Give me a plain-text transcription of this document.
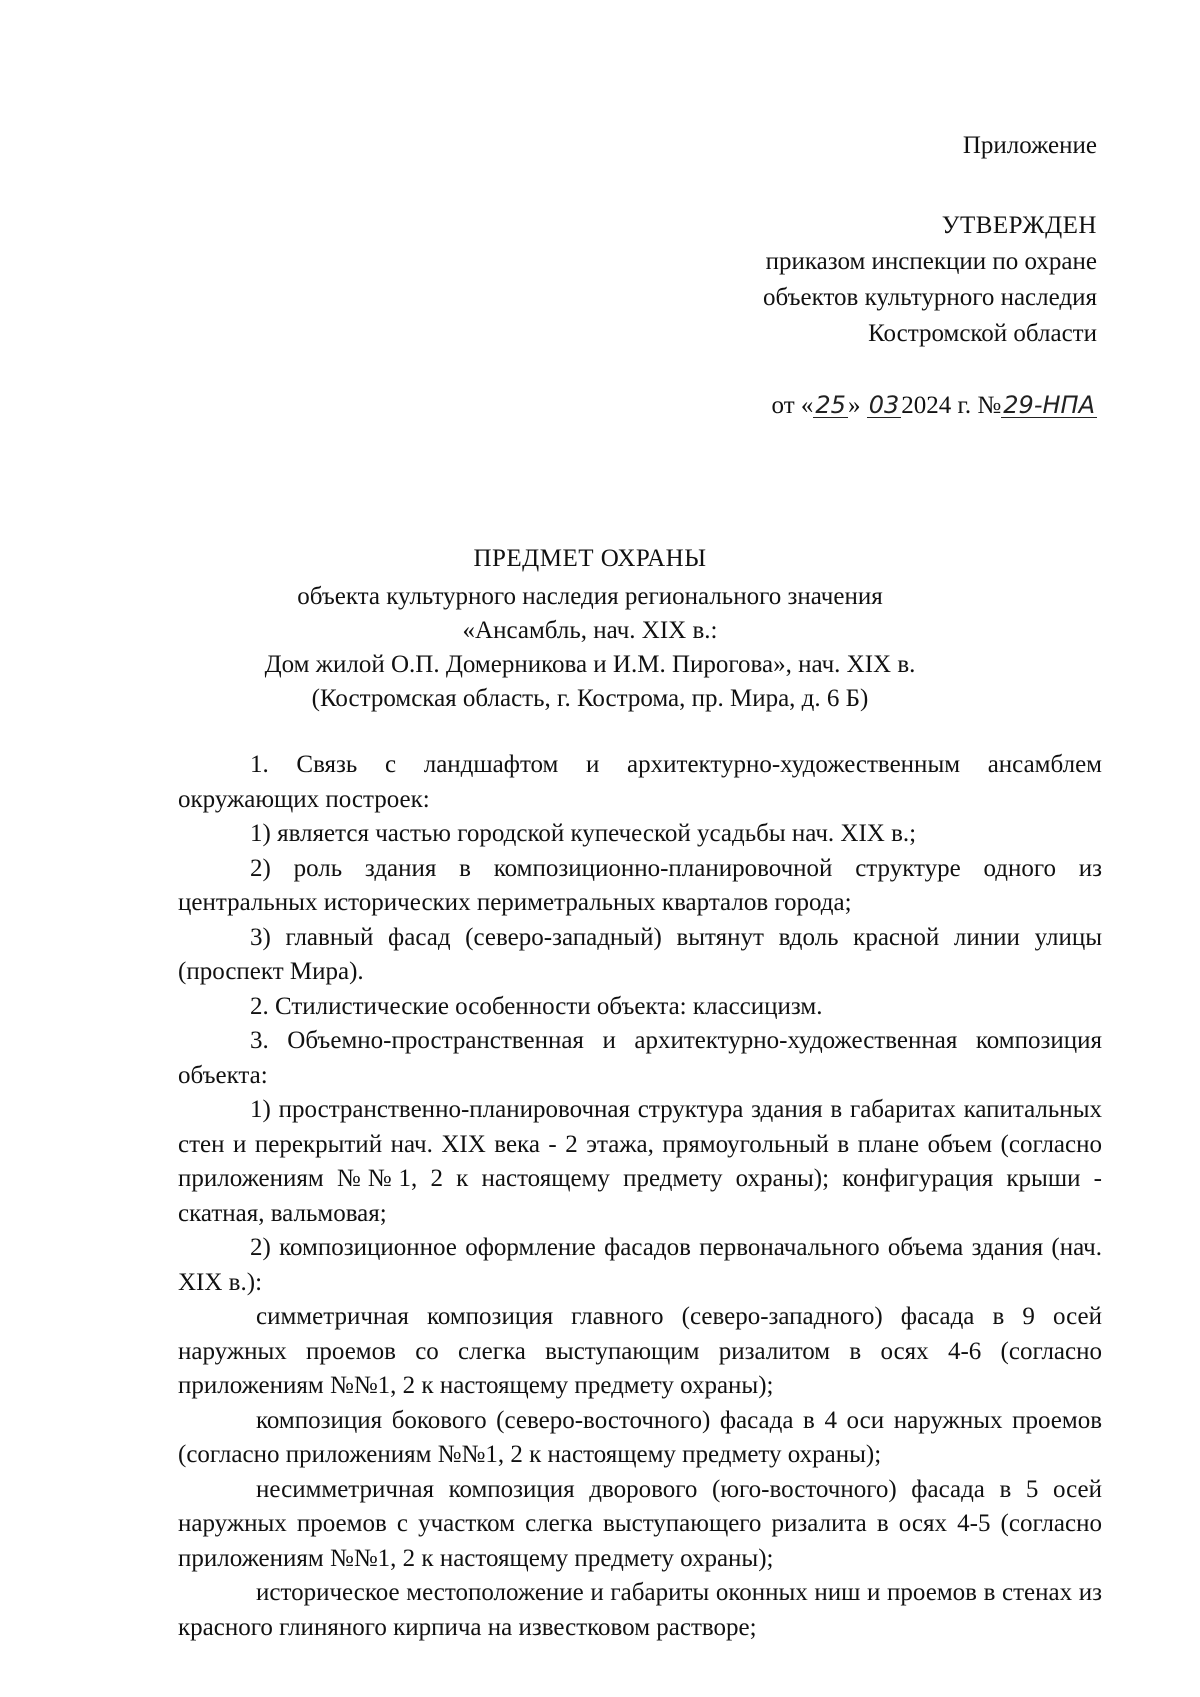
Приложение
УТВЕРЖДЕН
приказом инспекции по охране
объектов культурного наследия
Костромской области
от «25» 032024 г. №29-НПА
ПРЕДМЕТ ОХРАНЫ

объекта культурного наследия регионального значения

«Ансамбль, нач. XIX в.:

Дом жилой О.П. Домерникова и И.М. Пирогова», нач. XIX в.

(Костромская область, г. Кострома, пр. Мира, д. 6 Б)

1. Связь с ландшафтом и архитектурно-художественным ансамблем окружающих построек:

1) является частью городской купеческой усадьбы нач. XIX в.;

2) роль здания в композиционно-планировочной структуре одного из центральных исторических периметральных кварталов города;

3) главный фасад (северо-западный) вытянут вдоль красной линии улицы (проспект Мира).

2. Стилистические особенности объекта: классицизм.

3. Объемно-пространственная и архитектурно-художественная композиция объекта:

1) пространственно-планировочная структура здания в габаритах капитальных стен и перекрытий нач. XIX века - 2 этажа, прямоугольный в плане объем (согласно приложениям №№1, 2 к настоящему предмету охраны); конфигурация крыши - скатная, вальмовая;

2) композиционное оформление фасадов первоначального объема здания (нач. XIX в.):

симметричная композиция главного (северо-западного) фасада в 9 осей наружных проемов со слегка выступающим ризалитом в осях 4-6 (согласно приложениям №№1, 2 к настоящему предмету охраны);

композиция бокового (северо-восточного) фасада в 4 оси наружных проемов (согласно приложениям №№1, 2 к настоящему предмету охраны);

несимметричная композиция дворового (юго-восточного) фасада в 5 осей наружных проемов с участком слегка выступающего ризалита в осях 4-5 (согласно приложениям №№1, 2 к настоящему предмету охраны);

историческое местоположение и габариты оконных ниш и проемов в стенах из красного глиняного кирпича на известковом растворе;
